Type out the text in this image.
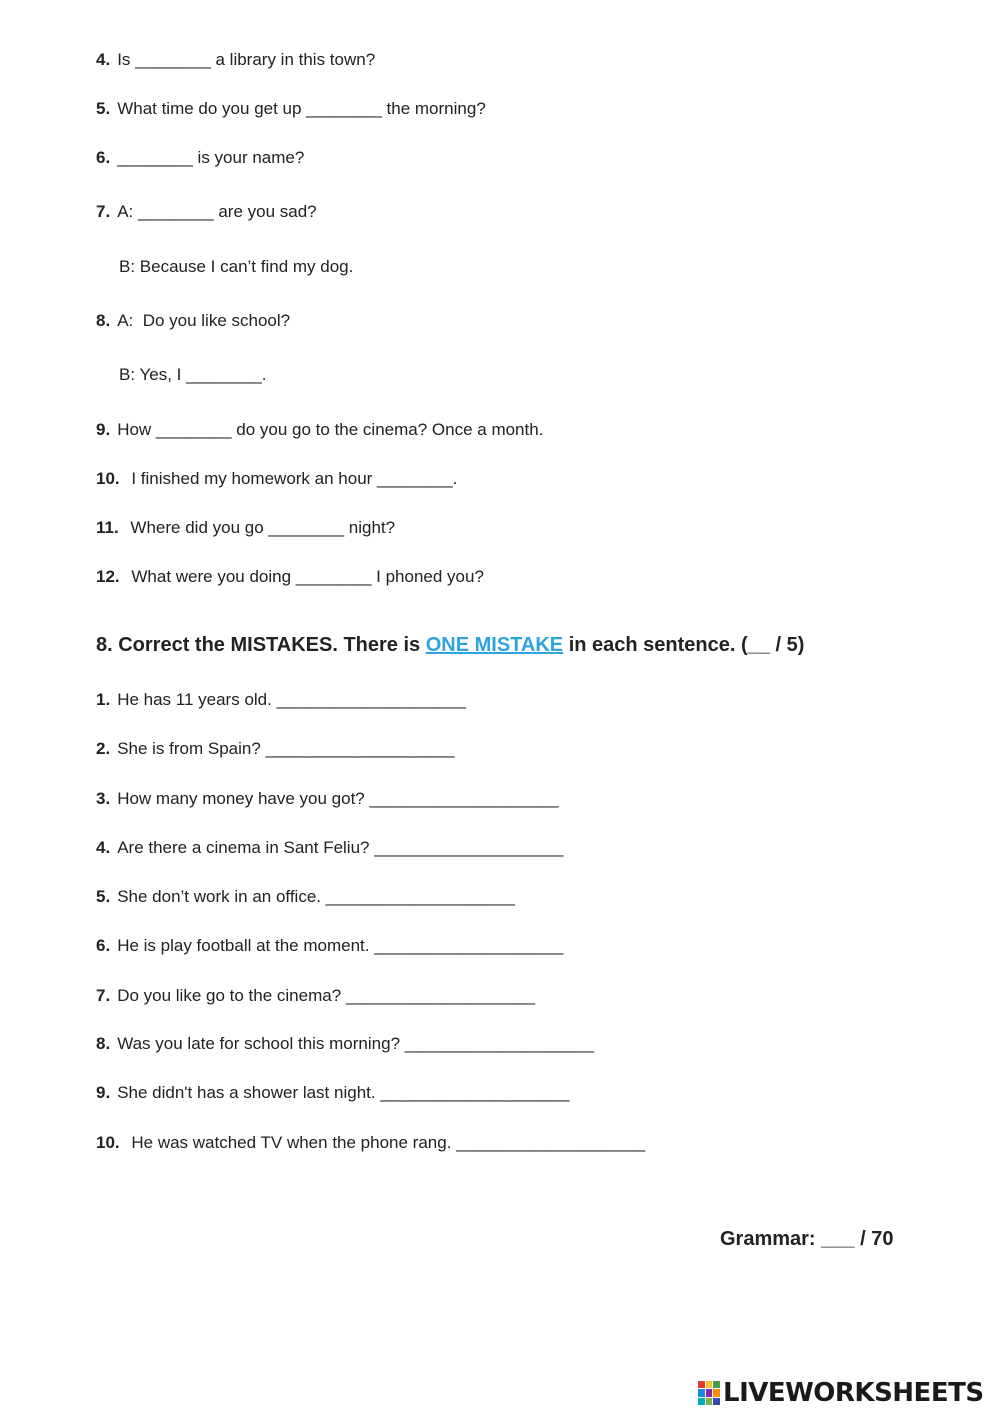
4. Is ________ a library in this town?

5. What time do you get up ________ the morning?

6. ________ is your name?

7. A: ________ are you sad?

B: Because I can’t find my dog.

8. A:  Do you like school?

B: Yes, I ________.

9. How ________ do you go to the cinema? Once a month.

10. I finished my homework an hour ________.

11. Where did you go ________ night?

12. What were you doing ________ I phoned you?

8. Correct the MISTAKES. There is ONE MISTAKE in each sentence. (__ / 5)

1. He has 11 years old. ____________________

2. She is from Spain? ____________________

3. How many money have you got? ____________________

4. Are there a cinema in Sant Feliu? ____________________

5. She don’t work in an office. ____________________

6. He is play football at the moment. ____________________

7. Do you like go to the cinema? ____________________

8. Was you late for school this morning? ____________________

9. She didn't has a shower last night. ____________________

10. He was watched TV when the phone rang. ____________________

Grammar: ___ / 70
LIVEWORKSHEETS
